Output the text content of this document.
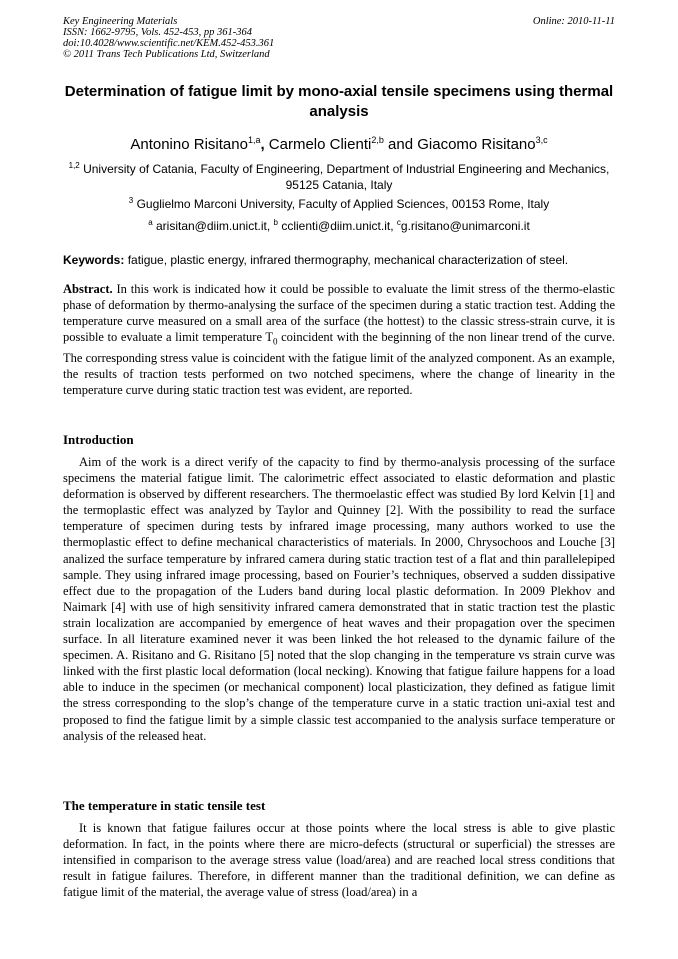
Key Engineering Materials
ISSN: 1662-9795, Vols. 452-453, pp 361-364
doi:10.4028/www.scientific.net/KEM.452-453.361
© 2011 Trans Tech Publications Ltd, Switzerland
Online: 2010-11-11
Determination of fatigue limit by mono-axial tensile specimens using thermal analysis
Antonino Risitano$^{1,a}$, Carmelo Clienti$^{2,b}$ and Giacomo Risitano$^{3,c}$
$^{1,2}$ University of Catania, Faculty of Engineering, Department of Industrial Engineering and Mechanics, 95125 Catania, Italy
$^3$ Guglielmo Marconi University, Faculty of Applied Sciences, 00153 Rome, Italy
$^a$ arisitan@diim.unict.it, $^b$ cclienti@diim.unict.it, $^c$g.risitano@unimarconi.it
Keywords: fatigue, plastic energy, infrared thermography, mechanical characterization of steel.
Abstract. In this work is indicated how it could be possible to evaluate the limit stress of the thermo-elastic phase of deformation by thermo-analysing the surface of the specimen during a static traction test. Adding the temperature curve measured on a small area of the surface (the hottest) to the classic stress-strain curve, it is possible to evaluate a limit temperature $T_0$ coincident with the beginning of the non linear trend of the curve. The corresponding stress value is coincident with the fatigue limit of the analyzed component. As an example, the results of traction tests performed on two notched specimens, where the change of linearity in the temperature curve during static traction test was evident, are reported.
Introduction
Aim of the work is a direct verify of the capacity to find by thermo-analysis processing of the surface specimens the material fatigue limit. The calorimetric effect associated to elastic deformation and plastic deformation is observed by different researchers. The thermoelastic effect was studied By lord Kelvin [1] and the termoplastic effect was analyzed by Taylor and Quinney [2]. With the possibility to read the surface temperature of specimen during tests by infrared image processing, many authors worked to use the thermoplastic effect to define mechanical characteristics of materials. In 2000, Chrysochoos and Louche [3] analized the surface temperature by infrared camera during static traction test of a flat and thin parallelepiped sample. They using infrared image processing, based on Fourier’s techniques, observed a sudden dissipative effect due to the propagation of the Luders band during local plastic deformation. In 2009 Plekhov and Naimark [4] with use of high sensitivity infrared camera demonstrated that in static traction test the plastic strain localization are accompanied by emergence of heat waves and their propagation over the specimen surface. In all literature examined never it was been linked the hot released to the dynamic failure of the specimen. A. Risitano and G. Risitano [5] noted that the slop changing in the temperature vs strain curve was linked with the first plastic local deformation (local necking). Knowing that fatigue failure happens for a load able to induce in the specimen (or mechanical component) local plasticization, they defined as fatigue limit the stress corresponding to the slop’s change of the temperature curve in a static traction uni-axial test and proposed to find the fatigue limit by a simple classic test accompanied to the analysis surface temperature or analysis of the released heat.
The temperature in static tensile test
It is known that fatigue failures occur at those points where the local stress is able to give plastic deformation. In fact, in the points where there are micro-defects (structural or superficial) the stresses are intensified in comparison to the average stress value (load/area) and are reached local stress conditions that result in fatigue failures. Therefore, in different manner than the traditional definition, we can define as fatigue limit of the material, the average value of stress (load/area) in a
